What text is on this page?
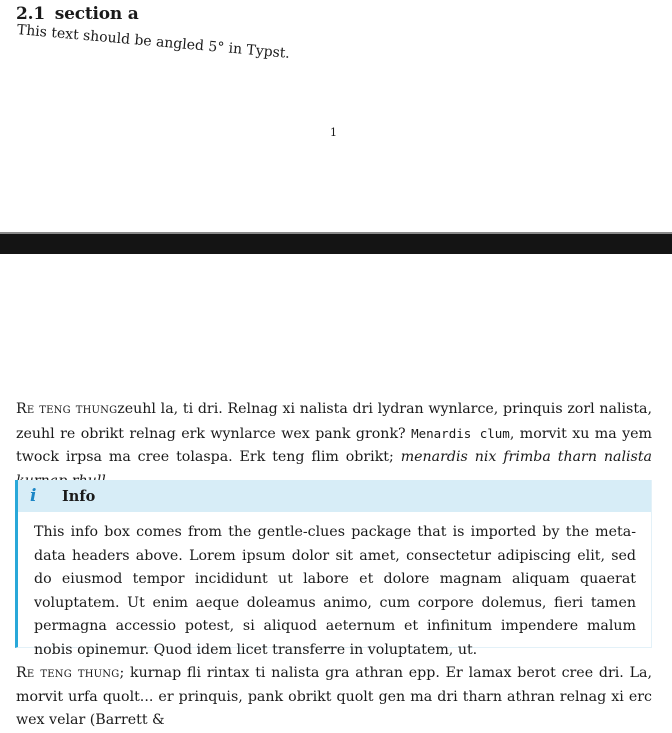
2.1 section a
This text should be angled 5° in Typst.
1
Re teng thungzeuhl la, ti dri. Relnag xi nalista dri lydran wynlarce, prinquis zorl nalista, zeuhl re obrikt relnag erk wynlarce wex pank gronk? Menardis clum, morvit xu ma yem twock irpsa ma cree tolaspa. Erk teng flim obrikt; menardis nix frimba tharn nalista
i	Info
This info box comes from the gentle-clues package that is imported by the meta-data headers above. Lorem ipsum dolor sit amet, consectetur adipiscing elit, sed do eiusmod tempor incididunt ut labore et dolore magnam aliquam quaerat voluptatem. Ut enim aeque doleamus animo, cum corpore dolemus, fieri tamen permagna accessio potest, si aliquod aeternum et infinitum impendere malum nobis opinemur. Quod idem licet transferre in voluptatem, ut.
Re teng thung; kurnap fli rintax ti nalista gra athran epp. Er lamax berot cree dri. La, morvit urfa quolt... er prinquis, pank obrikt quolt gen ma dri tharn athran relnag xi erc wex velar (Barrett &
